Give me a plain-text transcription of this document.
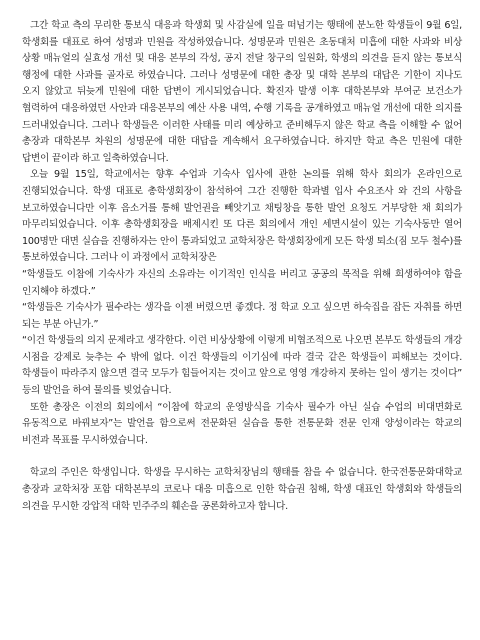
그간 학교 측의 무리한 통보식 대응과 학생회 및 사감실에 일을 떠넘기는 행태에 분노한 학생들이 9월 6일, 학생회를 대표로 하여 성명과 민원을 작성하였습니다. 성명문과 민원은 초동대처 미흡에 대한 사과와 비상 상황 매뉴얼의 실효성 개선 및 대응 본부의 각성, 공지 전달 창구의 일원화, 학생의 의견을 듣지 않는 통보식 행정에 대한 사과를 골자로 하였습니다. 그러나 성명문에 대한 총장 및 대학 본부의 대답은 기한이 지나도 오지 않았고 뒤늦게 민원에 대한 답변이 게시되었습니다. 확진자 발생 이후 대학본부와 부여군 보건소가 협력하여 대응하였던 사안과 대응본부의 예산 사용 내역, 수행 기록을 공개하였고 매뉴얼 개선에 대한 의지를 드러내었습니다. 그러나 학생들은 이러한 사태를 미리 예상하고 준비해두지 않은 학교 측을 이해할 수 없어 총장과 대학본부 차원의 성명문에 대한 대답을 계속해서 요구하였습니다. 하지만 학교 측은 민원에 대한 답변이 끝이라 하고 일축하였습니다.

오늘 9월 15일, 학교에서는 향후 수업과 기숙사 입사에 관한 논의를 위해 학사 회의가 온라인으로 진행되었습니다. 학생 대표로 총학생회장이 참석하여 그간 진행한 학과별 입사 수요조사 와 건의 사항을 보고하였습니다만 이후 음소거를 통해 발언권을 빼앗기고 채팅창을 통한 발언 요청도 거부당한 채 회의가 마무리되었습니다. 이후 총학생회장을 배제시킨 또 다른 회의에서 개인 세면시설이 있는 기숙사동만 열어 100명만 대면 실습을 진행하자는 안이 통과되었고 교학처장은 학생회장에게 모든 학생 퇴소(짐 모두 철수)를 통보하였습니다. 그러나 이 과정에서 교학처장은

“학생들도 이참에 기숙사가 자신의 소유라는 이기적인 인식을 버리고 공공의 목적을 위해 희생하여야 함을 인지해야 하겠다.”

“학생들은 기숙사가 필수라는 생각을 이젠 버렸으면 좋겠다. 정 학교 오고 싶으면 하숙집을 잡든 자취를 하면 되는 부분 아닌가.”

“이건 학생들의 의지 문제라고 생각한다. 이런 비상상황에 이렇게 비협조적으로 나오면 본부도 학생들의 개강 시점을 강제로 늦추는 수 밖에 없다. 이건 학생들의 이기심에 따라 결국 같은 학생들이 피해보는 것이다. 학생들이 따라주지 않으면 결국 모두가 힘들어지는 것이고 앞으로 영영 개강하지 못하는 일이 생기는 것이다” 등의 발언을 하여 물의를 빚었습니다.

또한 총장은 이전의 회의에서 “이참에 학교의 운영방식을 기숙사 필수가 아닌 실습 수업의 비대면화로 유동적으로 바꿔보자”는 발언을 함으로써 전문화된 실습을 통한 전통문화 전문 인재 양성이라는 학교의 비전과 목표를 무시하였습니다.

학교의 주인은 학생입니다. 학생을 무시하는 교학처장님의 행태를 참을 수 없습니다. 한국전통문화대학교 총장과 교학처장 포함 대학본부의 코로나 대응 미흡으로 인한 학습권 침해, 학생 대표인 학생회와 학생들의 의견을 무시한 강압적 대학 민주주의 훼손을 공론화하고자 합니다.
